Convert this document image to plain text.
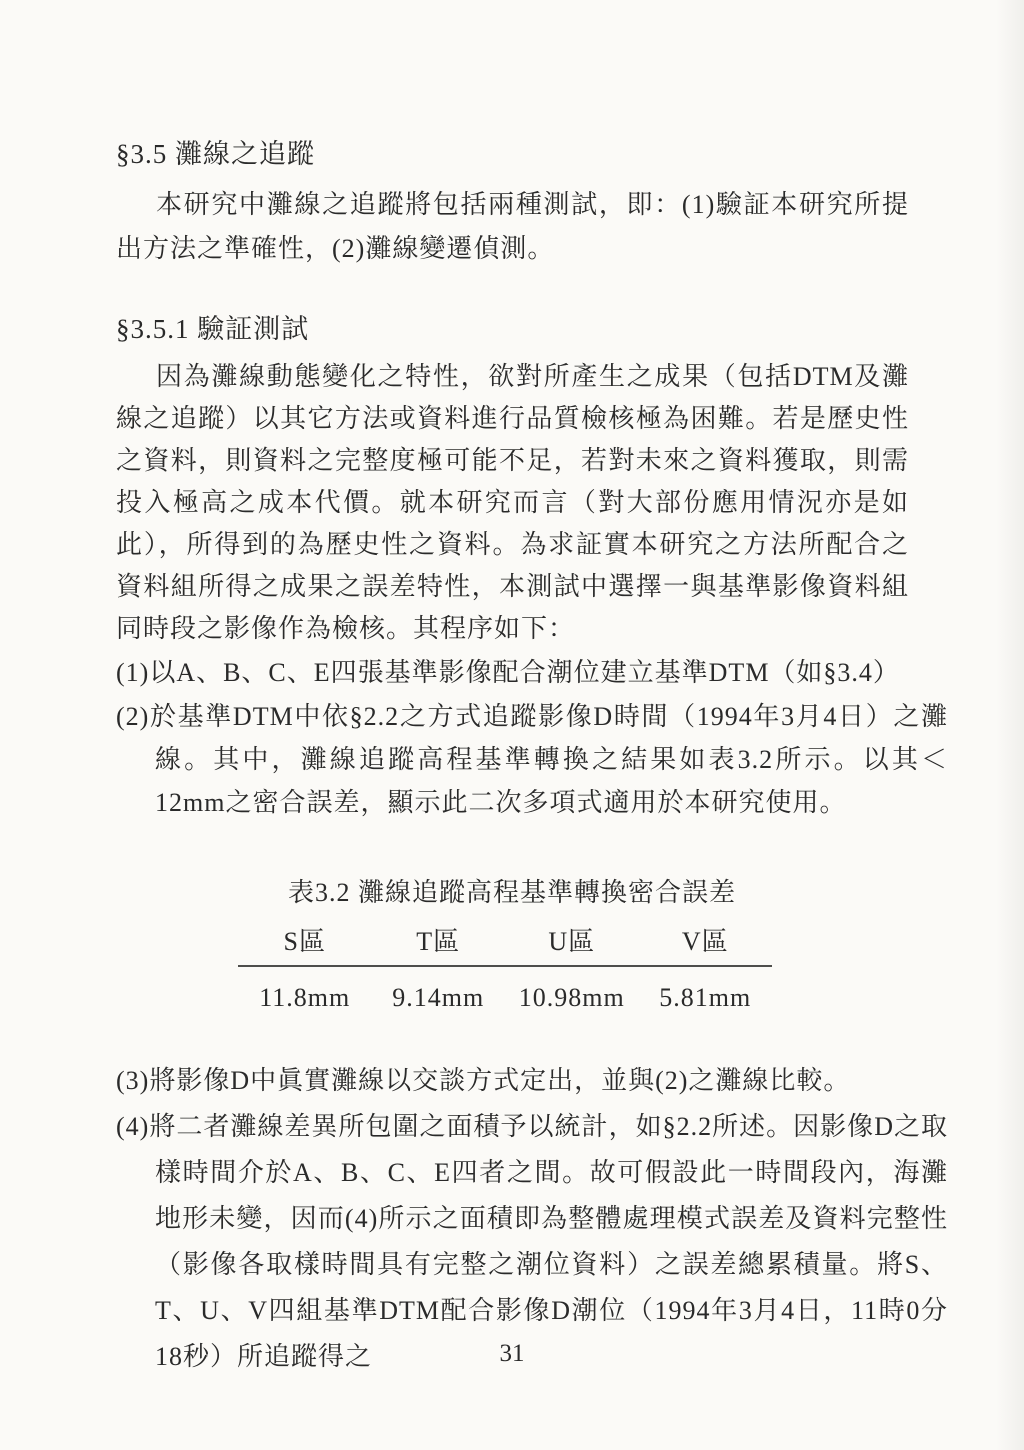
§3.5 灘線之追蹤
本研究中灘線之追蹤將包括兩種測試，即：(1)驗証本研究所提出方法之準確性，(2)灘線變遷偵測。
§3.5.1 驗証測試
因為灘線動態變化之特性，欲對所產生之成果（包括DTM及灘線之追蹤）以其它方法或資料進行品質檢核極為困難。若是歷史性之資料，則資料之完整度極可能不足，若對未來之資料獲取，則需投入極高之成本代價。就本研究而言（對大部份應用情況亦是如此），所得到的為歷史性之資料。為求証實本研究之方法所配合之資料組所得之成果之誤差特性，本測試中選擇一與基準影像資料組同時段之影像作為檢核。其程序如下：
(1)以A、B、C、E四張基準影像配合潮位建立基準DTM（如§3.4）
(2)於基準DTM中依§2.2之方式追蹤影像D時間（1994年3月4日）之灘線。其中，灘線追蹤高程基準轉換之結果如表3.2所示。以其＜12mm之密合誤差，顯示此二次多項式適用於本研究使用。
表3.2 灘線追蹤高程基準轉換密合誤差
S區	T區	U區	V區
11.8mm	9.14mm	10.98mm	5.81mm
(3)將影像D中眞實灘線以交談方式定出，並與(2)之灘線比較。
(4)將二者灘線差異所包圍之面積予以統計，如§2.2所述。因影像D之取樣時間介於A、B、C、E四者之間。故可假設此一時間段內，海灘地形未變，因而(4)所示之面積即為整體處理模式誤差及資料完整性（影像各取樣時間具有完整之潮位資料）之誤差總累積量。將S、T、U、V四組基準DTM配合影像D潮位（1994年3月4日，11時0分18秒）所追蹤得之	31
